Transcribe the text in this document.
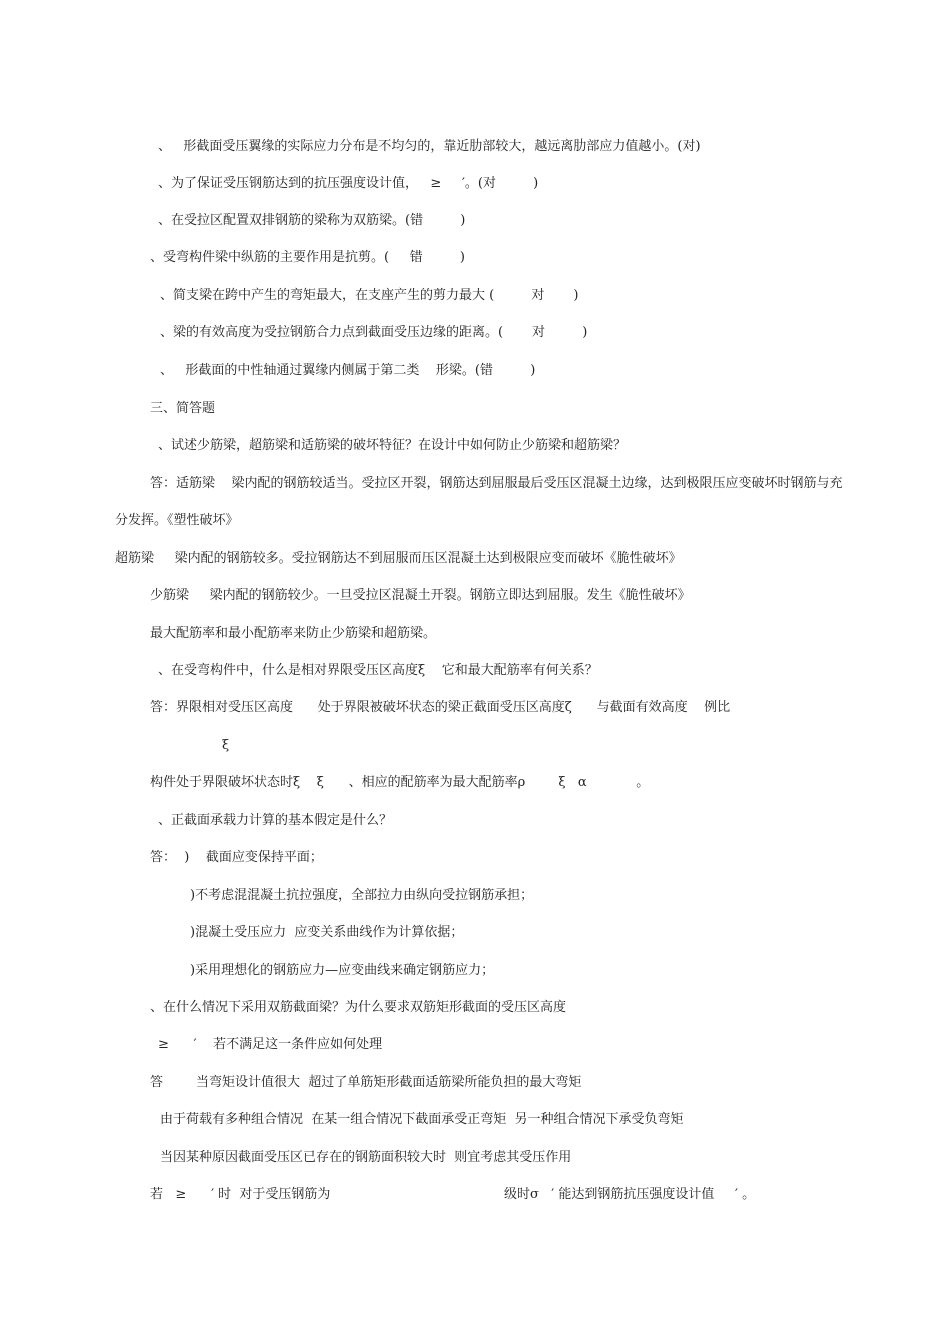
、   形截面受压翼缘的实际应力分布是不均匀的，靠近肋部较大，越远离肋部应力值越小。(对)
、为了保证受压钢筋达到的抗压强度设计值，   ≥     ′。(对         )
、在受拉区配置双排钢筋的梁称为双筋梁。(错         )
、受弯构件梁中纵筋的主要作用是抗剪。(     错         )
、简支梁在跨中产生的弯矩最大，在支座产生的剪力最大 (         对       )
、梁的有效高度为受拉钢筋合力点到截面受压边缘的距离。(       对         )
、   形截面的中性轴通过翼缘内侧属于第二类    形梁。(错         )
三、简答题
、试述少筋梁，超筋梁和适筋梁的破坏特征？在设计中如何防止少筋梁和超筋梁？
答：适筋梁    梁内配的钢筋较适当。受拉区开裂，钢筋达到屈服最后受压区混凝土边缘，达到极限压应变破坏时钢筋与充
分发挥。《塑性破坏》
超筋梁     梁内配的钢筋较多。受拉钢筋达不到屈服而压区混凝土达到极限应变而破坏《脆性破坏》
少筋梁     梁内配的钢筋较少。一旦受拉区混凝土开裂。钢筋立即达到屈服。发生《脆性破坏》
最大配筋率和最小配筋率来防止少筋梁和超筋梁。
、在受弯构件中，什么是相对界限受压区高度ξ    它和最大配筋率有何关系？
答：界限相对受压区高度      处于界限被破坏状态的梁正截面受压区高度ζ      与截面有效高度    例比
ξ
构件处于界限破坏状态时ξ    ξ      、相应的配筋率为最大配筋率ρ        ξ   α            。
、正截面承载力计算的基本假定是什么？
答：  )    截面应变保持平面；
)不考虑混混凝土抗拉强度，全部拉力由纵向受拉钢筋承担；
)混凝土受压应力  应变关系曲线作为计算依据；
)采用理想化的钢筋应力—应变曲线来确定钢筋应力；
、在什么情况下采用双筋截面梁？为什么要求双筋矩形截面的受压区高度
≥      ′    若不满足这一条件应如何处理
答        当弯矩设计值很大  超过了单筋矩形截面适筋梁所能负担的最大弯矩
由于荷载有多种组合情况  在某一组合情况下截面承受正弯矩  另一种组合情况下承受负弯矩
当因某种原因截面受压区已存在的钢筋面积较大时  则宜考虑其受压作用
若   ≥      ′ 时  对于受压钢筋为                                          级时σ   ′ 能达到钢筋抗压强度设计值     ′ 。
